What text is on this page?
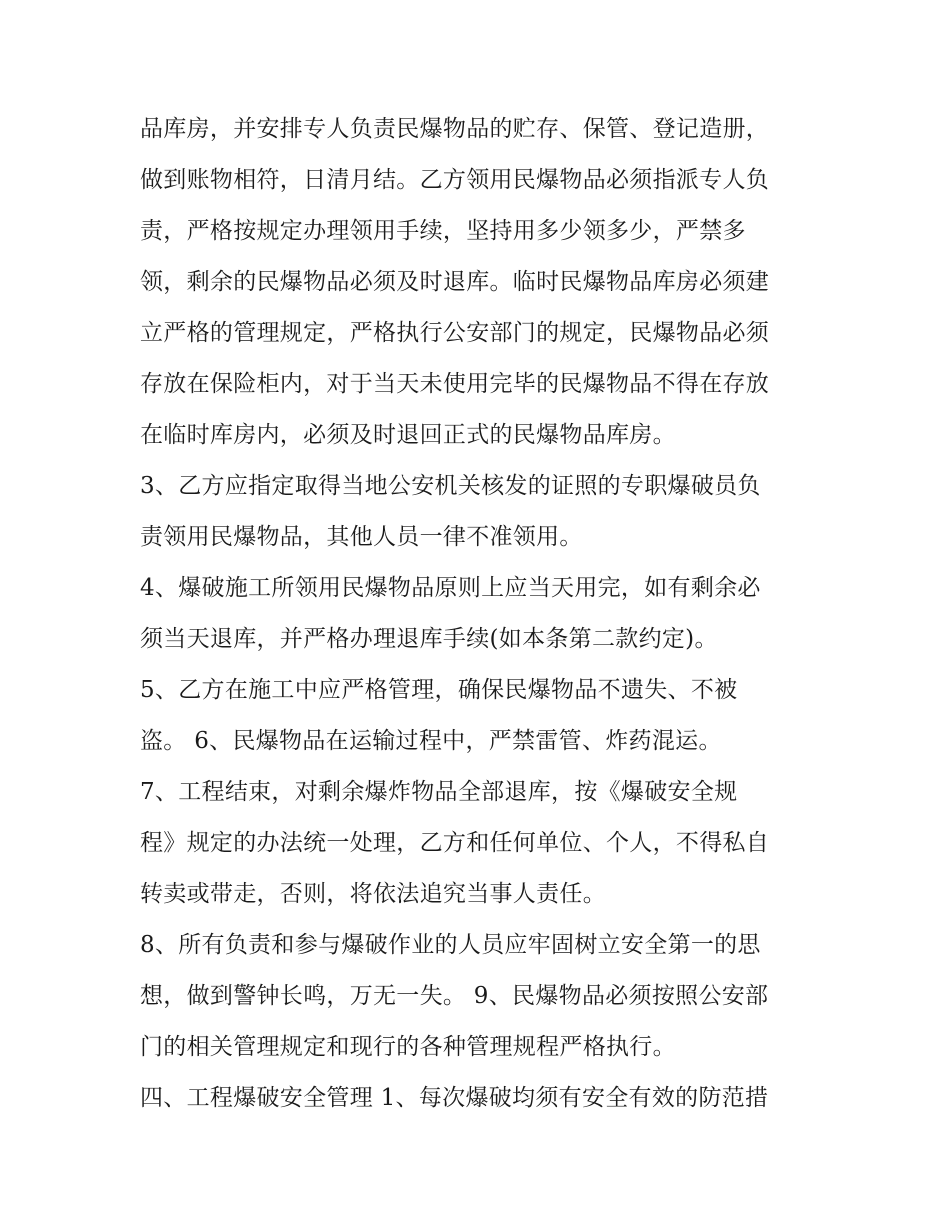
品库房，并安排专人负责民爆物品的贮存、保管、登记造册，
做到账物相符，日清月结。乙方领用民爆物品必须指派专人负
责，严格按规定办理领用手续，坚持用多少领多少，严禁多
领，剩余的民爆物品必须及时退库。临时民爆物品库房必须建
立严格的管理规定，严格执行公安部门的规定，民爆物品必须
存放在保险柜内，对于当天未使用完毕的民爆物品不得在存放
在临时库房内，必须及时退回正式的民爆物品库房。
3、乙方应指定取得当地公安机关核发的证照的专职爆破员负
责领用民爆物品，其他人员一律不准领用。
4、爆破施工所领用民爆物品原则上应当天用完，如有剩余必
须当天退库，并严格办理退库手续(如本条第二款约定)。
5、乙方在施工中应严格管理，确保民爆物品不遗失、不被
盗。 6、民爆物品在运输过程中，严禁雷管、炸药混运。
7、工程结束，对剩余爆炸物品全部退库，按《爆破安全规
程》规定的办法统一处理，乙方和任何单位、个人，不得私自
转卖或带走，否则，将依法追究当事人责任。
8、所有负责和参与爆破作业的人员应牢固树立安全第一的思
想，做到警钟长鸣，万无一失。 9、民爆物品必须按照公安部
门的相关管理规定和现行的各种管理规程严格执行。
四、工程爆破安全管理 1、每次爆破均须有安全有效的防范措
